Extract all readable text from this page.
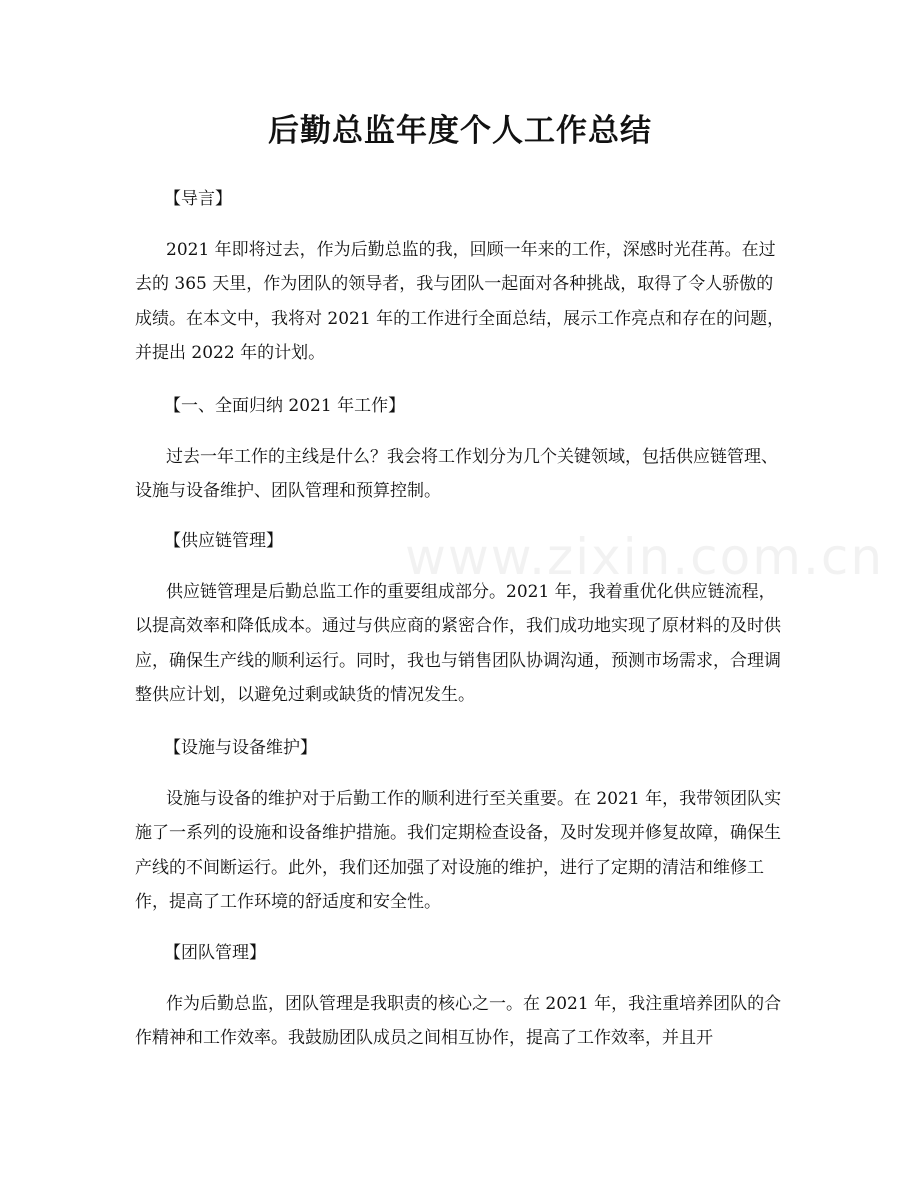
后勤总监年度个人工作总结
www.zixin.com.cn

【导言】

2021 年即将过去，作为后勤总监的我，回顾一年来的工作，深感时光荏苒。在过去的 365 天里，作为团队的领导者，我与团队一起面对各种挑战，取得了令人骄傲的成绩。在本文中，我将对 2021 年的工作进行全面总结，展示工作亮点和存在的问题，并提出 2022 年的计划。

【一、全面归纳 2021 年工作】

过去一年工作的主线是什么？我会将工作划分为几个关键领域，包括供应链管理、设施与设备维护、团队管理和预算控制。

【供应链管理】

供应链管理是后勤总监工作的重要组成部分。2021 年，我着重优化供应链流程，以提高效率和降低成本。通过与供应商的紧密合作，我们成功地实现了原材料的及时供应，确保生产线的顺利运行。同时，我也与销售团队协调沟通，预测市场需求，合理调整供应计划，以避免过剩或缺货的情况发生。

【设施与设备维护】

设施与设备的维护对于后勤工作的顺利进行至关重要。在 2021 年，我带领团队实施了一系列的设施和设备维护措施。我们定期检查设备，及时发现并修复故障，确保生产线的不间断运行。此外，我们还加强了对设施的维护，进行了定期的清洁和维修工作，提高了工作环境的舒适度和安全性。

【团队管理】

作为后勤总监，团队管理是我职责的核心之一。在 2021 年，我注重培养团队的合作精神和工作效率。我鼓励团队成员之间相互协作，提高了工作效率，并且开
